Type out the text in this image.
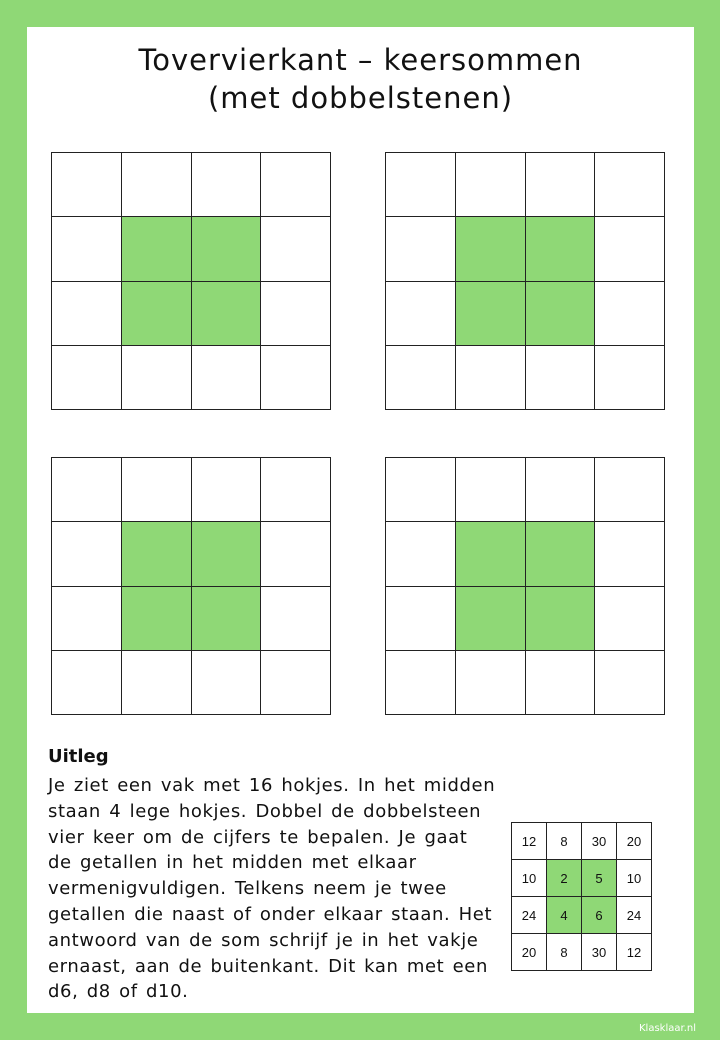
Tovervierkant – keersommen
(met dobbelstenen)
Uitleg

Je ziet een vak met 16 hokjes. In het midden staan 4 lege hokjes. Dobbel de dobbelsteen vier keer om de cijfers te bepalen. Je gaat de getallen in het midden met elkaar vermenigvuldigen. Telkens neem je twee getallen die naast of onder elkaar staan. Het antwoord van de som schrijf je in het vakje ernaast, aan de buitenkant. Dit kan met een d6, d8 of d10.

12	8	30	20
10	2	5	10
24	4	6	24
20	8	30	12
Klasklaar.nl
